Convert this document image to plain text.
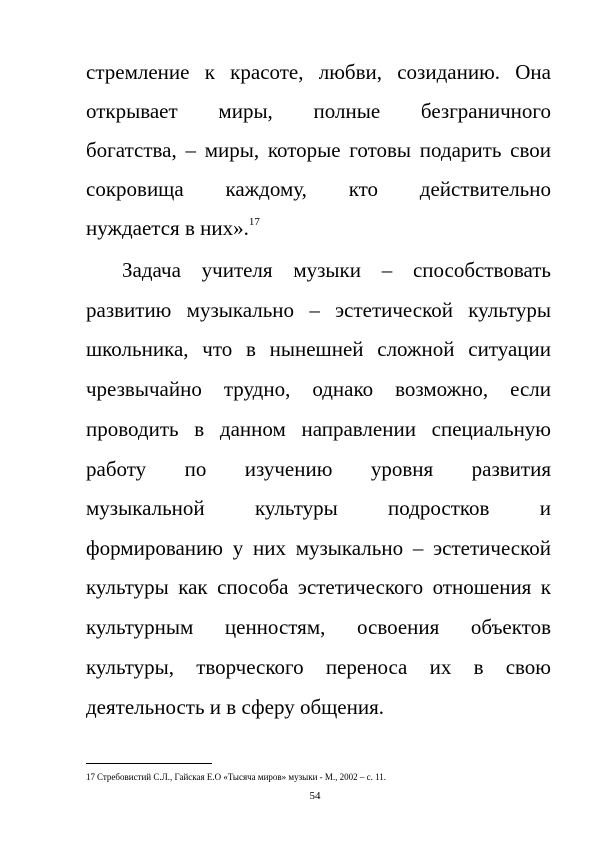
стремление к красоте, любви, созиданию. Она

открывает миры, полные безграничного

богатства, – миры, которые готовы подарить свои

сокровища каждому, кто действительно

нуждается в них».$^{17}$

Задача учителя музыки – способствовать

развитию музыкально – эстетической культуры

школьника, что в нынешней сложной ситуации

чрезвычайно трудно, однако возможно, если

проводить в данном направлении специальную

работу по изучению уровня развития

музыкальной культуры подростков и

формированию у них музыкально – эстетической

культуры как способа эстетического отношения к

культурным ценностям, освоения объектов

культуры, творческого переноса их в свою

деятельность и в сферу общения.

17 Стребовистий С.Л., Гайская Е.О «Тысяча миров» музыки - М., 2002 – с. 11.
54
